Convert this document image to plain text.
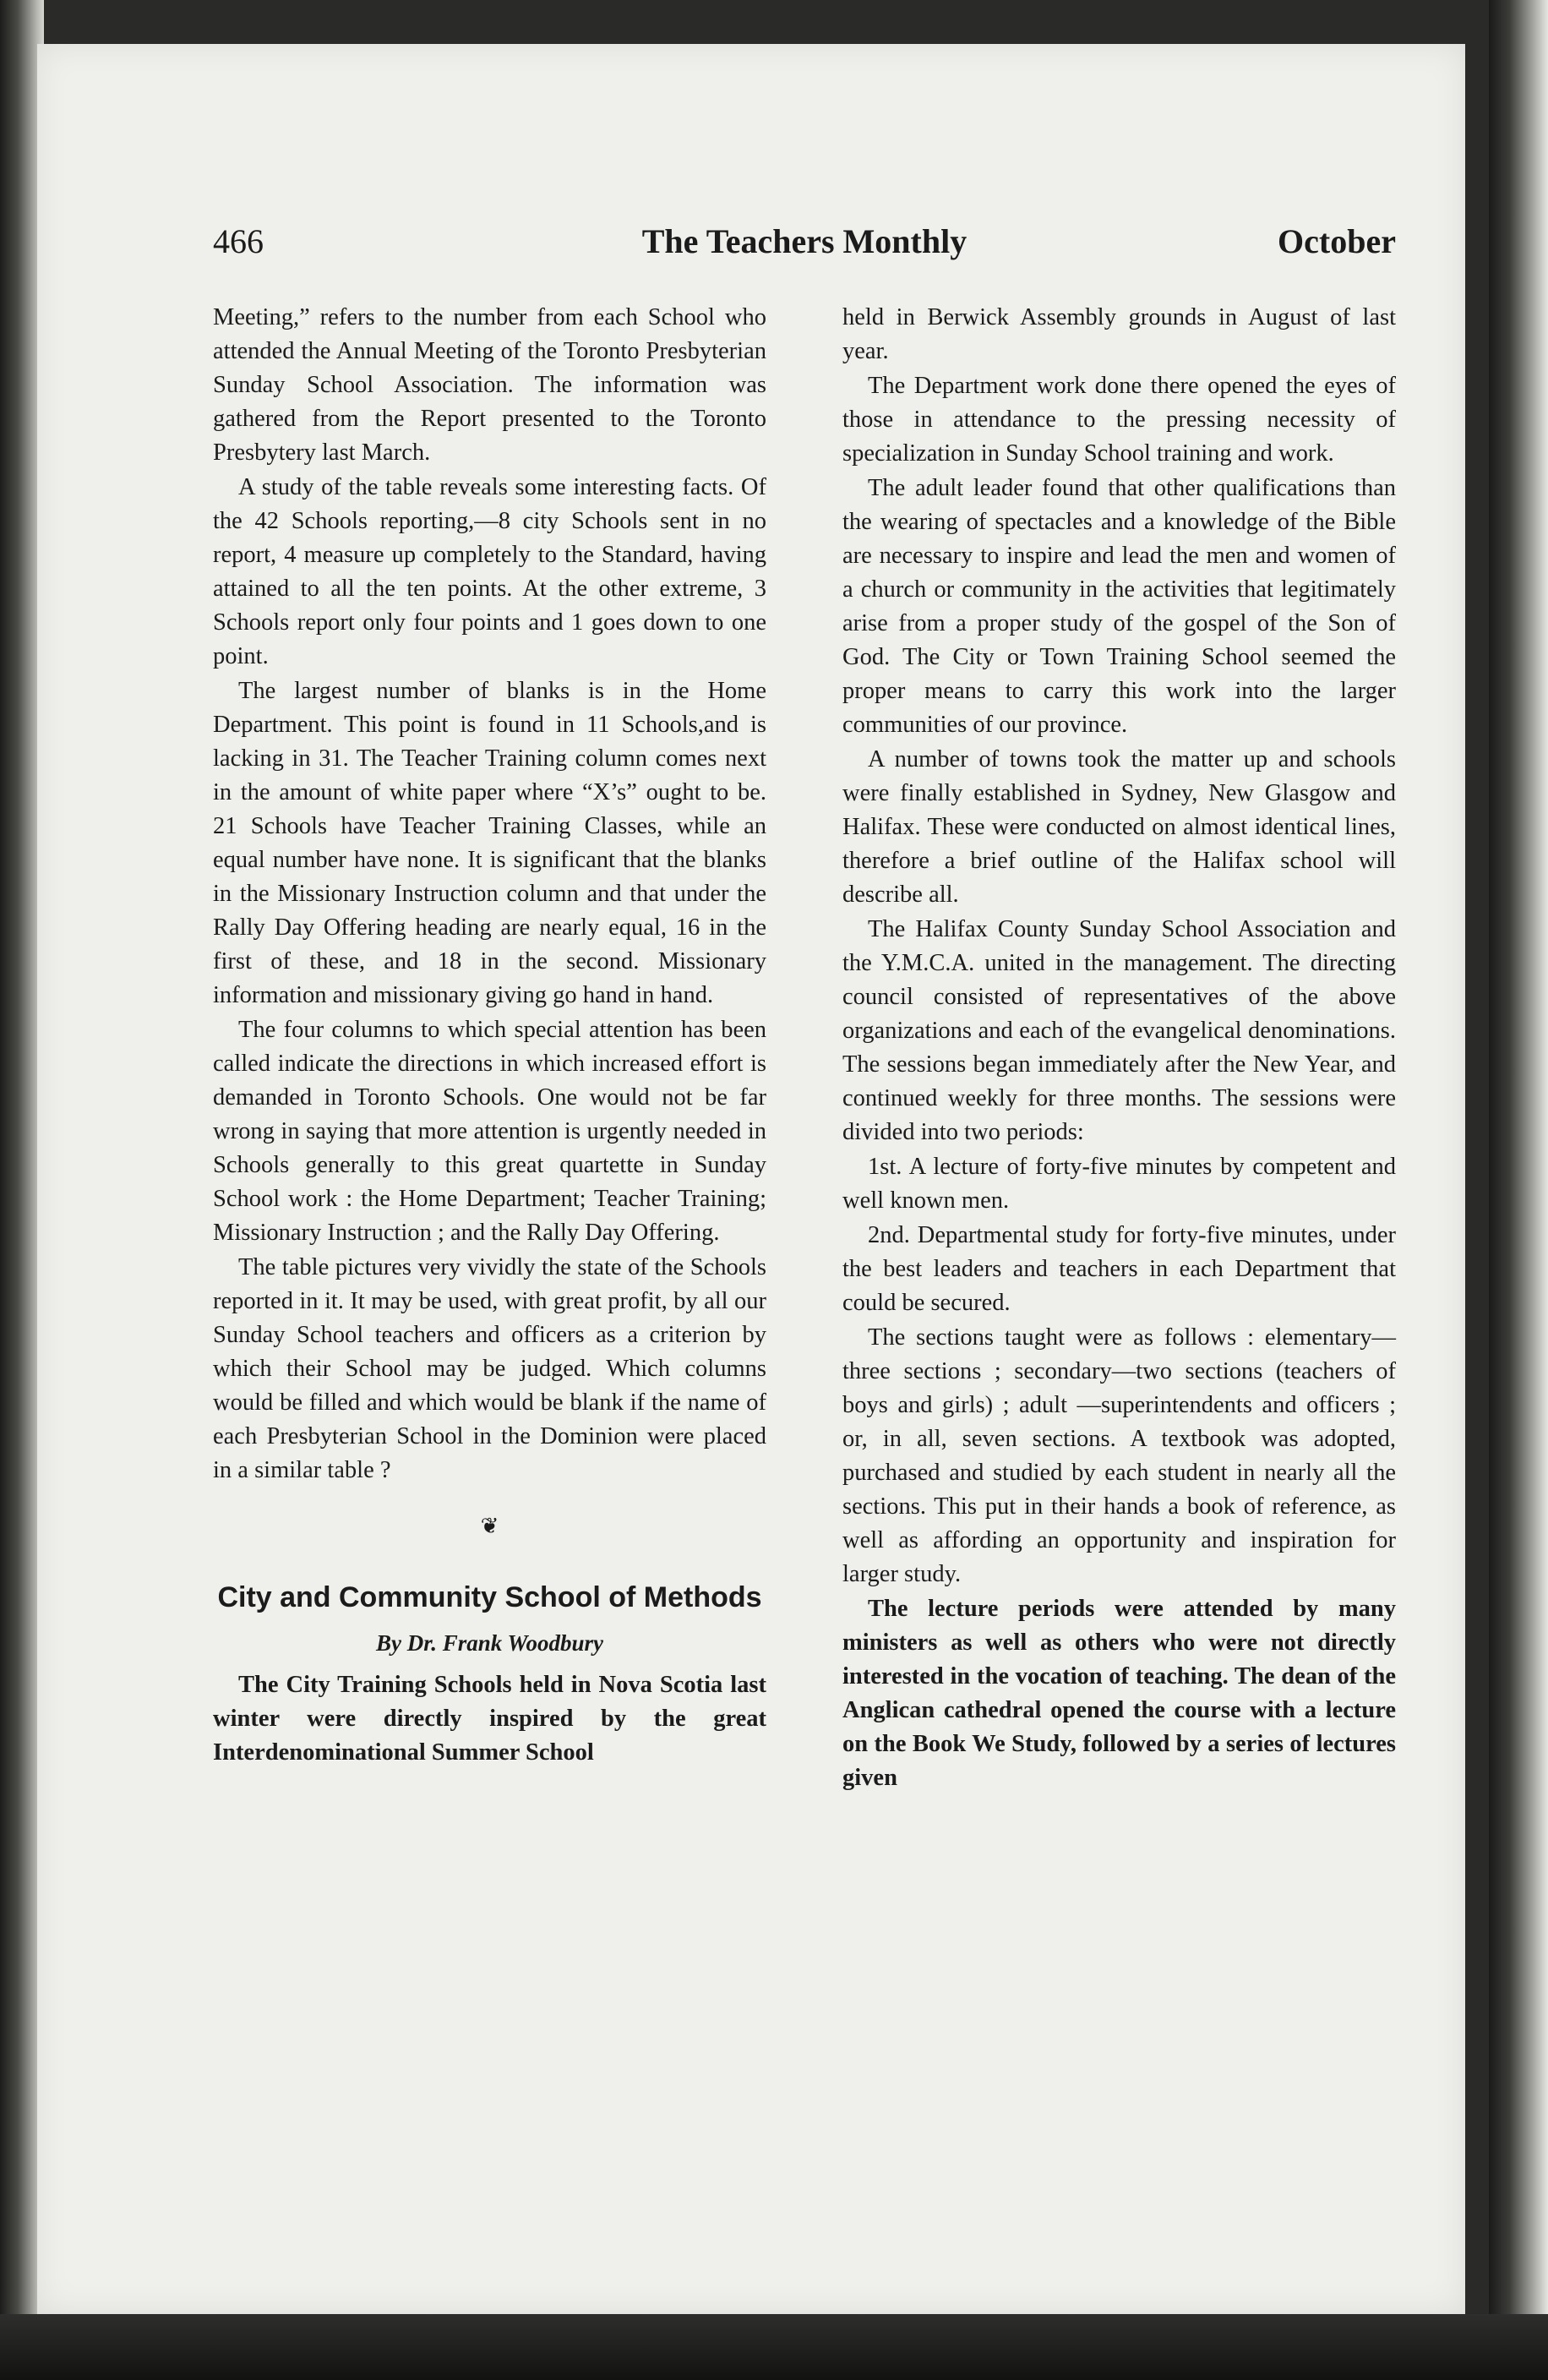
466	The Teachers Monthly	October

Meeting,” refers to the number from each School who attended the Annual Meeting of the Toronto Presbyterian Sunday School Association. The information was gathered from the Report presented to the Toronto Presbytery last March.

A study of the table reveals some interesting facts. Of the 42 Schools reporting,—8 city Schools sent in no report, 4 measure up completely to the Standard, having attained to all the ten points. At the other extreme, 3 Schools report only four points and 1 goes down to one point.

The largest number of blanks is in the Home Department. This point is found in 11 Schools,and is lacking in 31. The Teacher Training column comes next in the amount of white paper where “X’s” ought to be. 21 Schools have Teacher Training Classes, while an equal number have none. It is significant that the blanks in the Missionary Instruction column and that under the Rally Day Offering heading are nearly equal, 16 in the first of these, and 18 in the second. Missionary information and missionary giving go hand in hand.

The four columns to which special attention has been called indicate the directions in which increased effort is demanded in Toronto Schools. One would not be far wrong in saying that more attention is urgently needed in Schools generally to this great quartette in Sunday School work : the Home Department; Teacher Training; Missionary Instruction ; and the Rally Day Offering.

The table pictures very vividly the state of the Schools reported in it. It may be used, with great profit, by all our Sunday School teachers and officers as a criterion by which their School may be judged. Which columns would be filled and which would be blank if the name of each Presbyterian School in the Dominion were placed in a similar table ?

❦
City and Community School of Methods
By Dr. Frank Woodbury

The City Training Schools held in Nova Scotia last winter were directly inspired by the great Interdenominational Summer School

held in Berwick Assembly grounds in August of last year.

The Department work done there opened the eyes of those in attendance to the pressing necessity of specialization in Sunday School training and work.

The adult leader found that other qualifications than the wearing of spectacles and a knowledge of the Bible are necessary to inspire and lead the men and women of a church or community in the activities that legitimately arise from a proper study of the gospel of the Son of God. The City or Town Training School seemed the proper means to carry this work into the larger communities of our province.

A number of towns took the matter up and schools were finally established in Sydney, New Glasgow and Halifax. These were conducted on almost identical lines, therefore a brief outline of the Halifax school will describe all.

The Halifax County Sunday School Association and the Y.M.C.A. united in the management. The directing council consisted of representatives of the above organizations and each of the evangelical denominations. The sessions began immediately after the New Year, and continued weekly for three months. The sessions were divided into two periods:

1st. A lecture of forty-five minutes by competent and well known men.

2nd. Departmental study for forty-five minutes, under the best leaders and teachers in each Department that could be secured.

The sections taught were as follows : elementary—three sections ; secondary—two sections (teachers of boys and girls) ; adult —superintendents and officers ; or, in all, seven sections. A textbook was adopted, purchased and studied by each student in nearly all the sections. This put in their hands a book of reference, as well as affording an opportunity and inspiration for larger study.

The lecture periods were attended by many ministers as well as others who were not directly interested in the vocation of teaching. The dean of the Anglican cathedral opened the course with a lecture on the Book We Study, followed by a series of lectures given
